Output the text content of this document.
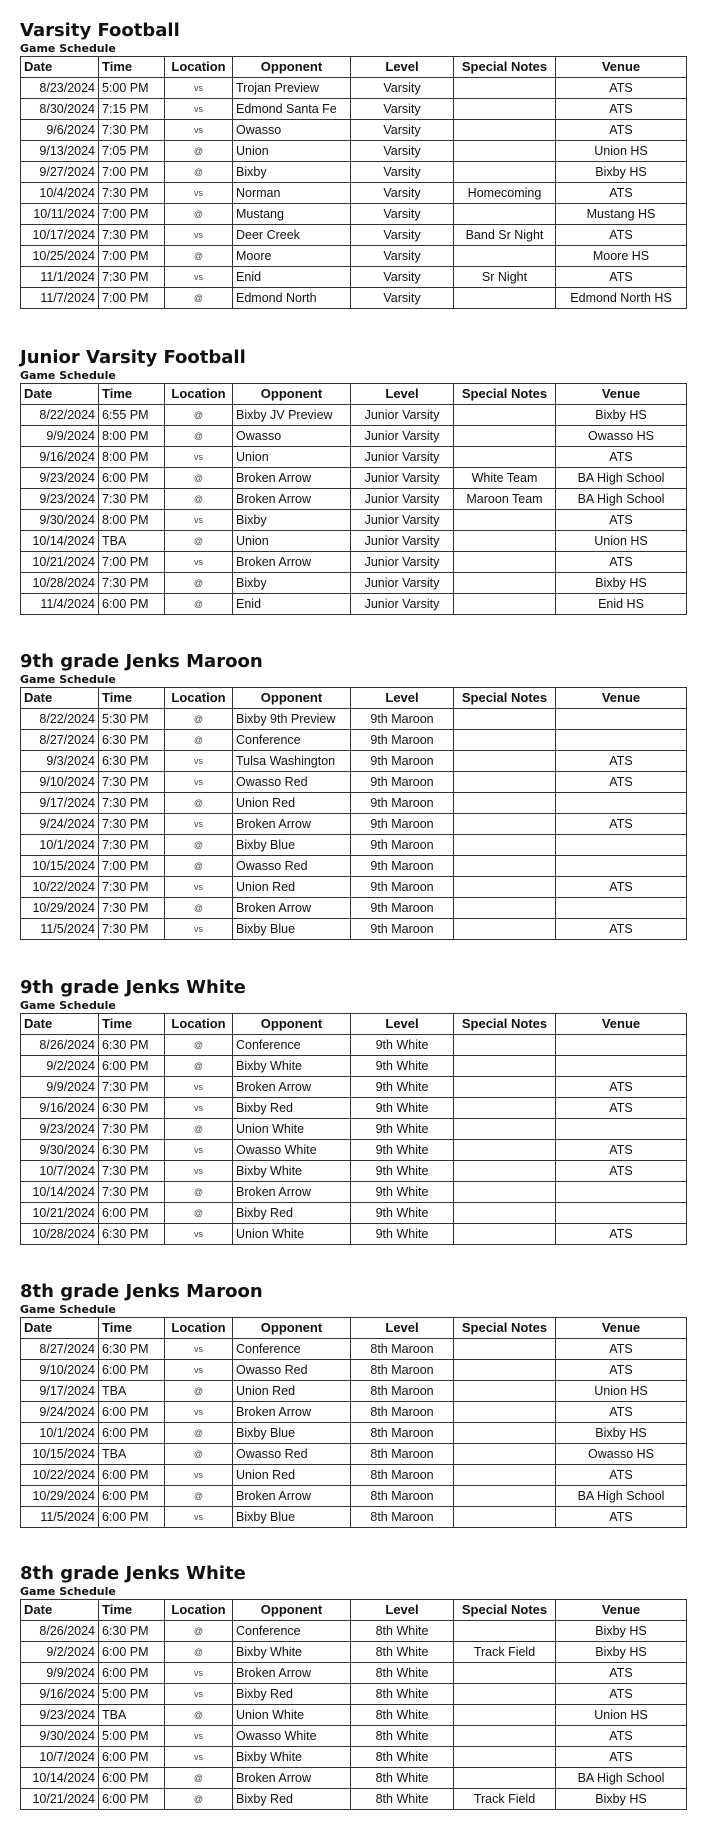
Varsity Football
Game Schedule
Date	Time	Location	Opponent	Level	Special Notes	Venue
8/23/2024	5:00 PM	vs	Trojan Preview	Varsity		ATS
8/30/2024	7:15 PM	vs	Edmond Santa Fe	Varsity		ATS
9/6/2024	7:30 PM	vs	Owasso	Varsity		ATS
9/13/2024	7:05 PM	@	Union	Varsity		Union HS
9/27/2024	7:00 PM	@	Bixby	Varsity		Bixby HS
10/4/2024	7:30 PM	vs	Norman	Varsity	Homecoming	ATS
10/11/2024	7:00 PM	@	Mustang	Varsity		Mustang HS
10/17/2024	7:30 PM	vs	Deer Creek	Varsity	Band Sr Night	ATS
10/25/2024	7:00 PM	@	Moore	Varsity		Moore HS
11/1/2024	7:30 PM	vs	Enid	Varsity	Sr Night	ATS
11/7/2024	7:00 PM	@	Edmond North	Varsity		Edmond North HS
Junior Varsity Football
Game Schedule
Date	Time	Location	Opponent	Level	Special Notes	Venue
8/22/2024	6:55 PM	@	Bixby JV Preview	Junior Varsity		Bixby HS
9/9/2024	8:00 PM	@	Owasso	Junior Varsity		Owasso HS
9/16/2024	8:00 PM	vs	Union	Junior Varsity		ATS
9/23/2024	6:00 PM	@	Broken Arrow	Junior Varsity	White Team	BA High School
9/23/2024	7:30 PM	@	Broken Arrow	Junior Varsity	Maroon Team	BA High School
9/30/2024	8:00 PM	vs	Bixby	Junior Varsity		ATS
10/14/2024	TBA	@	Union	Junior Varsity		Union HS
10/21/2024	7:00 PM	vs	Broken Arrow	Junior Varsity		ATS
10/28/2024	7:30 PM	@	Bixby	Junior Varsity		Bixby HS
11/4/2024	6:00 PM	@	Enid	Junior Varsity		Enid HS
9th grade Jenks Maroon
Game Schedule
Date	Time	Location	Opponent	Level	Special Notes	Venue
8/22/2024	5:30 PM	@	Bixby 9th Preview	9th Maroon		
8/27/2024	6:30 PM	@	Conference	9th Maroon		
9/3/2024	6:30 PM	vs	Tulsa Washington	9th Maroon		ATS
9/10/2024	7:30 PM	vs	Owasso Red	9th Maroon		ATS
9/17/2024	7:30 PM	@	Union Red	9th Maroon		
9/24/2024	7:30 PM	vs	Broken Arrow	9th Maroon		ATS
10/1/2024	7:30 PM	@	Bixby Blue	9th Maroon		
10/15/2024	7:00 PM	@	Owasso Red	9th Maroon		
10/22/2024	7:30 PM	vs	Union Red	9th Maroon		ATS
10/29/2024	7:30 PM	@	Broken Arrow	9th Maroon		
11/5/2024	7:30 PM	vs	Bixby Blue	9th Maroon		ATS
9th grade Jenks White
Game Schedule
Date	Time	Location	Opponent	Level	Special Notes	Venue
8/26/2024	6:30 PM	@	Conference	9th White		
9/2/2024	6:00 PM	@	Bixby White	9th White		
9/9/2024	7:30 PM	vs	Broken Arrow	9th White		ATS
9/16/2024	6:30 PM	vs	Bixby Red	9th White		ATS
9/23/2024	7:30 PM	@	Union White	9th White		
9/30/2024	6:30 PM	vs	Owasso White	9th White		ATS
10/7/2024	7:30 PM	vs	Bixby White	9th White		ATS
10/14/2024	7:30 PM	@	Broken Arrow	9th White		
10/21/2024	6:00 PM	@	Bixby Red	9th White		
10/28/2024	6:30 PM	vs	Union White	9th White		ATS
8th grade Jenks Maroon
Game Schedule
Date	Time	Location	Opponent	Level	Special Notes	Venue
8/27/2024	6:30 PM	vs	Conference	8th Maroon		ATS
9/10/2024	6:00 PM	vs	Owasso Red	8th Maroon		ATS
9/17/2024	TBA	@	Union Red	8th Maroon		Union HS
9/24/2024	6:00 PM	vs	Broken Arrow	8th Maroon		ATS
10/1/2024	6:00 PM	@	Bixby Blue	8th Maroon		Bixby HS
10/15/2024	TBA	@	Owasso Red	8th Maroon		Owasso HS
10/22/2024	6:00 PM	vs	Union Red	8th Maroon		ATS
10/29/2024	6:00 PM	@	Broken Arrow	8th Maroon		BA High School
11/5/2024	6:00 PM	vs	Bixby Blue	8th Maroon		ATS
8th grade Jenks White
Game Schedule
Date	Time	Location	Opponent	Level	Special Notes	Venue
8/26/2024	6:30 PM	@	Conference	8th White		Bixby HS
9/2/2024	6:00 PM	@	Bixby White	8th White	Track Field	Bixby HS
9/9/2024	6:00 PM	vs	Broken Arrow	8th White		ATS
9/16/2024	5:00 PM	vs	Bixby Red	8th White		ATS
9/23/2024	TBA	@	Union White	8th White		Union HS
9/30/2024	5:00 PM	vs	Owasso White	8th White		ATS
10/7/2024	6:00 PM	vs	Bixby White	8th White		ATS
10/14/2024	6:00 PM	@	Broken Arrow	8th White		BA High School
10/21/2024	6:00 PM	@	Bixby Red	8th White	Track Field	Bixby HS
